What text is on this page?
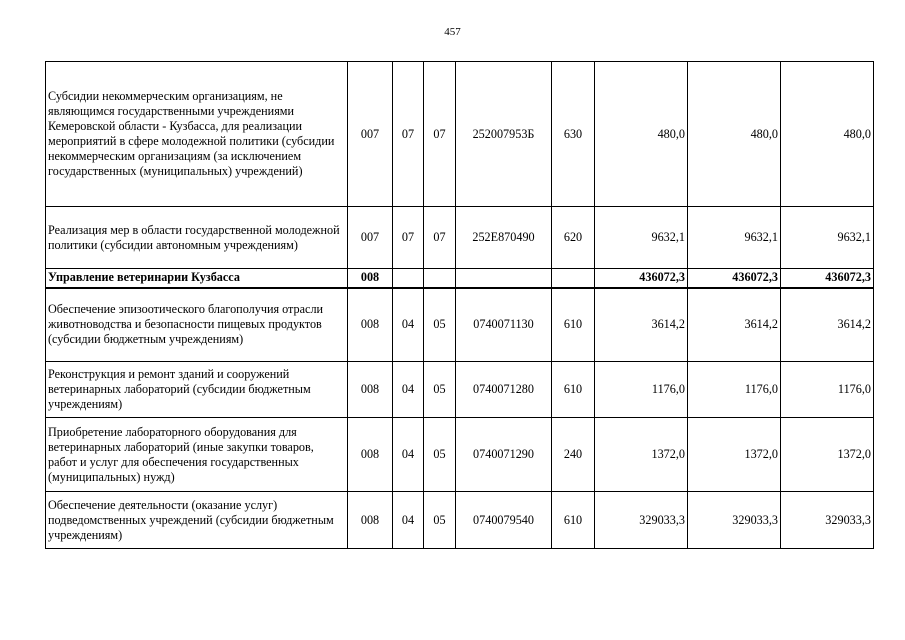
457
Субсидии некоммерческим организациям, не являющимся государственными учреждениями Кемеровской области - Кузбасса, для реализации мероприятий в сфере молодежной политики (субсидии некоммерческим организациям (за исключением государственных (муниципальных) учреждений)	007	07	07	252007953Б	630	480,0	480,0	480,0
Реализация мер в области государственной молодежной политики (субсидии автономным учреждениям)	007	07	07	252Е870490	620	9632,1	9632,1	9632,1
Управление ветеринарии Кузбасса	008					436072,3	436072,3	436072,3
Обеспечение эпизоотического благополучия отрасли животноводства и безопасности пищевых продуктов (субсидии бюджетным учреждениям)	008	04	05	0740071130	610	3614,2	3614,2	3614,2
Реконструкция и ремонт зданий и сооружений ветеринарных лабораторий (субсидии бюджетным учреждениям)	008	04	05	0740071280	610	1176,0	1176,0	1176,0
Приобретение лабораторного оборудования для ветеринарных лабораторий (иные закупки товаров, работ и услуг для обеспечения государственных (муниципальных) нужд)	008	04	05	0740071290	240	1372,0	1372,0	1372,0
Обеспечение деятельности (оказание услуг) подведомственных учреждений (субсидии бюджетным учреждениям)	008	04	05	0740079540	610	329033,3	329033,3	329033,3
